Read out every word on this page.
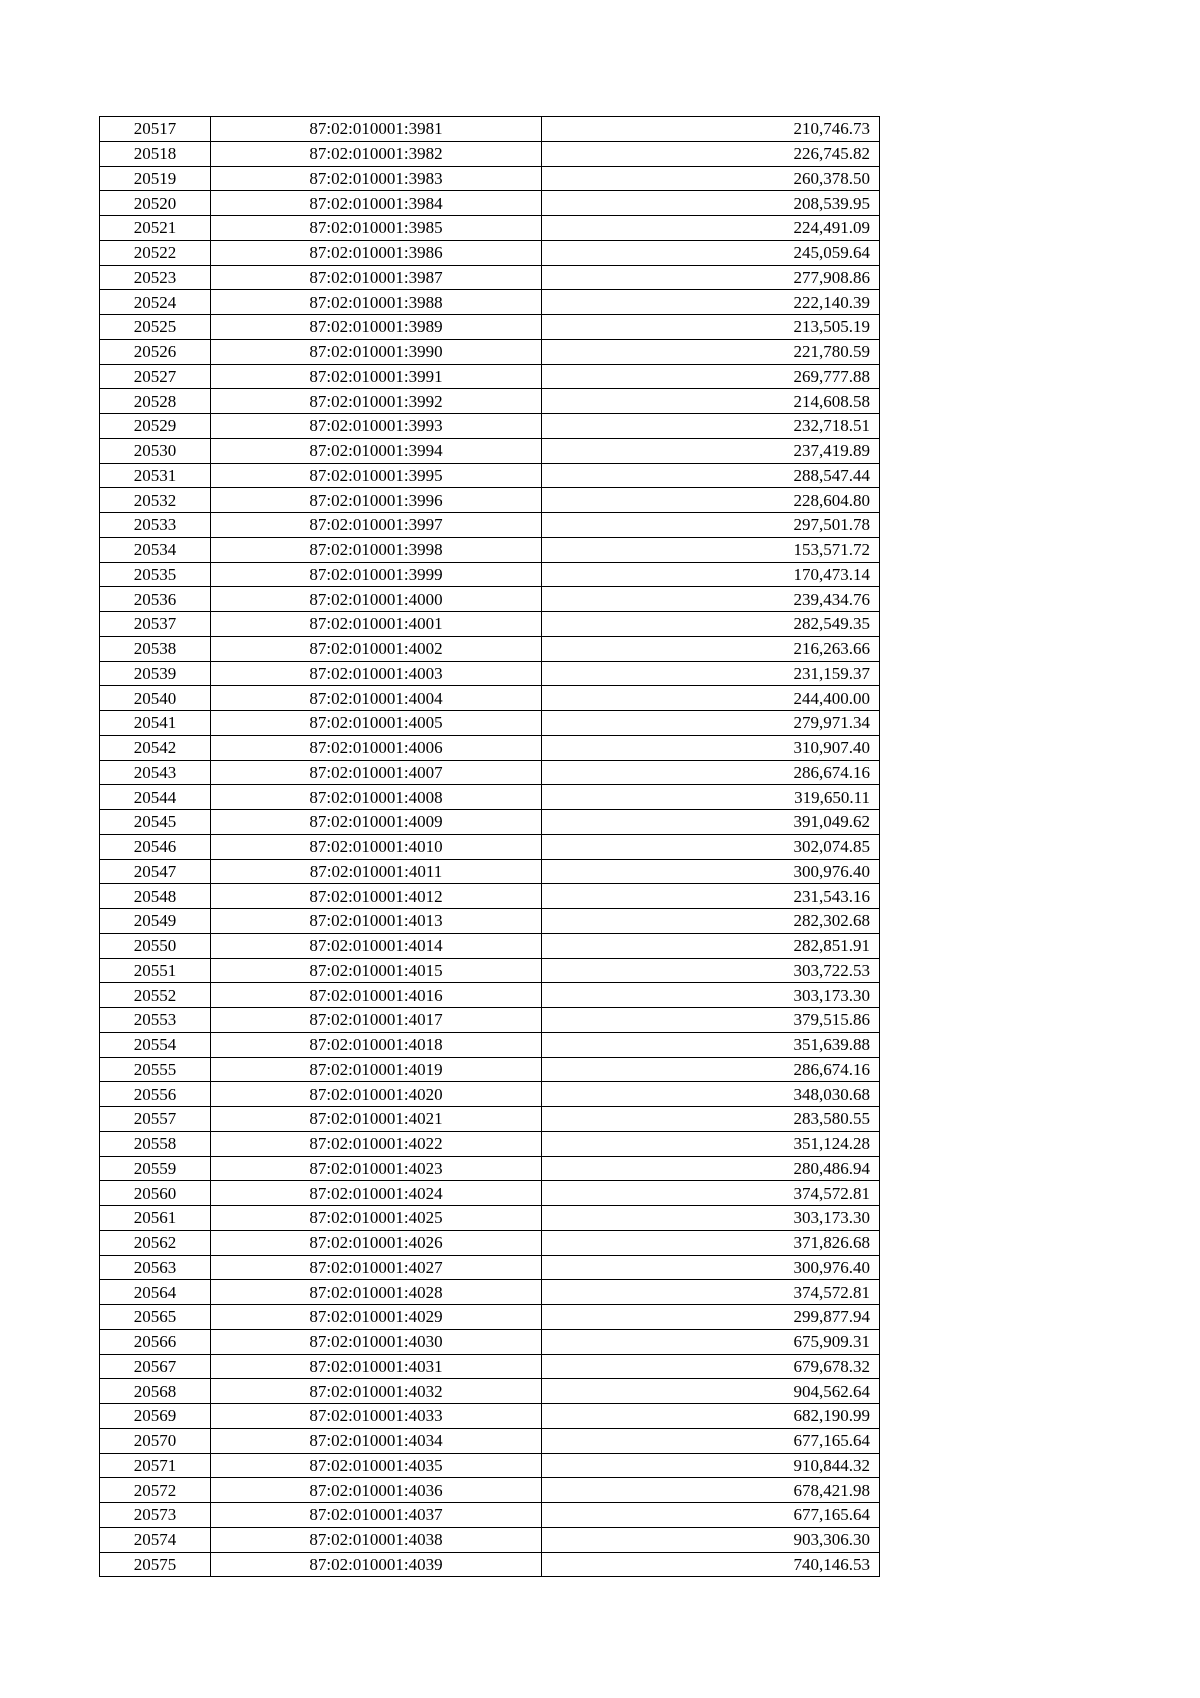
20517	87:02:010001:3981	210,746.73
20518	87:02:010001:3982	226,745.82
20519	87:02:010001:3983	260,378.50
20520	87:02:010001:3984	208,539.95
20521	87:02:010001:3985	224,491.09
20522	87:02:010001:3986	245,059.64
20523	87:02:010001:3987	277,908.86
20524	87:02:010001:3988	222,140.39
20525	87:02:010001:3989	213,505.19
20526	87:02:010001:3990	221,780.59
20527	87:02:010001:3991	269,777.88
20528	87:02:010001:3992	214,608.58
20529	87:02:010001:3993	232,718.51
20530	87:02:010001:3994	237,419.89
20531	87:02:010001:3995	288,547.44
20532	87:02:010001:3996	228,604.80
20533	87:02:010001:3997	297,501.78
20534	87:02:010001:3998	153,571.72
20535	87:02:010001:3999	170,473.14
20536	87:02:010001:4000	239,434.76
20537	87:02:010001:4001	282,549.35
20538	87:02:010001:4002	216,263.66
20539	87:02:010001:4003	231,159.37
20540	87:02:010001:4004	244,400.00
20541	87:02:010001:4005	279,971.34
20542	87:02:010001:4006	310,907.40
20543	87:02:010001:4007	286,674.16
20544	87:02:010001:4008	319,650.11
20545	87:02:010001:4009	391,049.62
20546	87:02:010001:4010	302,074.85
20547	87:02:010001:4011	300,976.40
20548	87:02:010001:4012	231,543.16
20549	87:02:010001:4013	282,302.68
20550	87:02:010001:4014	282,851.91
20551	87:02:010001:4015	303,722.53
20552	87:02:010001:4016	303,173.30
20553	87:02:010001:4017	379,515.86
20554	87:02:010001:4018	351,639.88
20555	87:02:010001:4019	286,674.16
20556	87:02:010001:4020	348,030.68
20557	87:02:010001:4021	283,580.55
20558	87:02:010001:4022	351,124.28
20559	87:02:010001:4023	280,486.94
20560	87:02:010001:4024	374,572.81
20561	87:02:010001:4025	303,173.30
20562	87:02:010001:4026	371,826.68
20563	87:02:010001:4027	300,976.40
20564	87:02:010001:4028	374,572.81
20565	87:02:010001:4029	299,877.94
20566	87:02:010001:4030	675,909.31
20567	87:02:010001:4031	679,678.32
20568	87:02:010001:4032	904,562.64
20569	87:02:010001:4033	682,190.99
20570	87:02:010001:4034	677,165.64
20571	87:02:010001:4035	910,844.32
20572	87:02:010001:4036	678,421.98
20573	87:02:010001:4037	677,165.64
20574	87:02:010001:4038	903,306.30
20575	87:02:010001:4039	740,146.53
